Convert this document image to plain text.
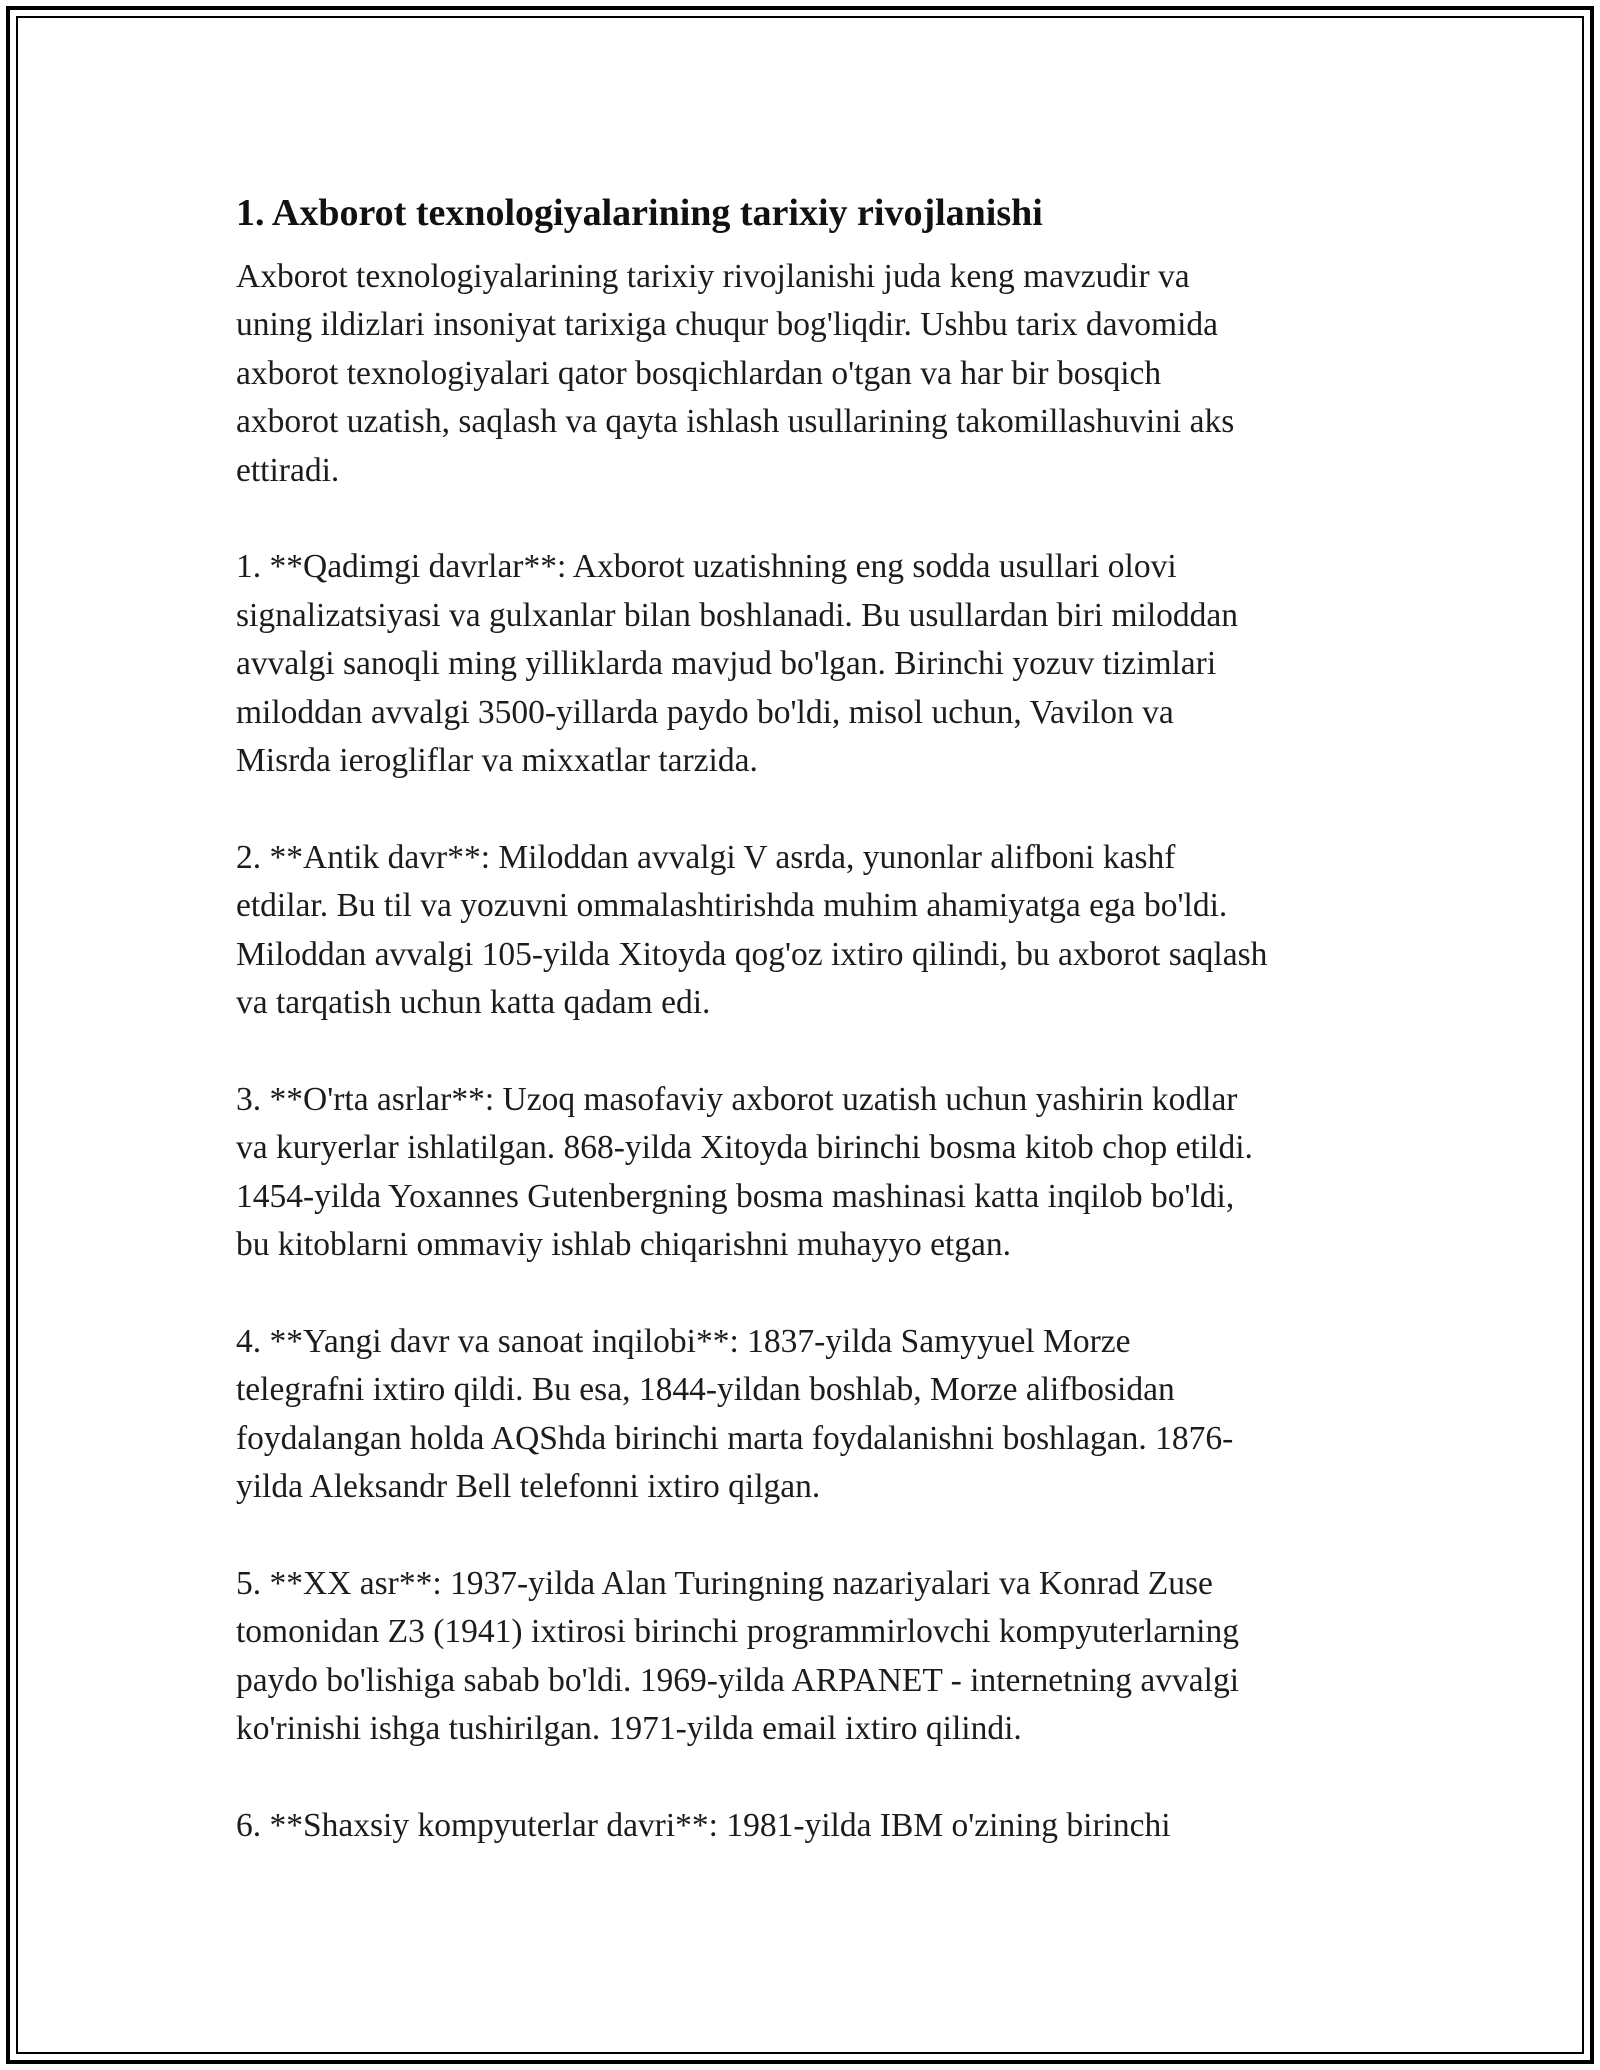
1. Axborot texnologiyalarining tarixiy rivojlanishi
Axborot texnologiyalarining tarixiy rivojlanishi juda keng mavzudir va
uning ildizlari insoniyat tarixiga chuqur bog'liqdir. Ushbu tarix davomida
axborot texnologiyalari qator bosqichlardan o'tgan va har bir bosqich
axborot uzatish, saqlash va qayta ishlash usullarining takomillashuvini aks
ettiradi.
1. **Qadimgi davrlar**: Axborot uzatishning eng sodda usullari olovi
signalizatsiyasi va gulxanlar bilan boshlanadi. Bu usullardan biri miloddan
avvalgi sanoqli ming yilliklarda mavjud bo'lgan. Birinchi yozuv tizimlari
miloddan avvalgi 3500-yillarda paydo bo'ldi, misol uchun, Vavilon va
Misrda ierogliflar va mixxatlar tarzida.
2. **Antik davr**: Miloddan avvalgi V asrda, yunonlar alifboni kashf
etdilar. Bu til va yozuvni ommalashtirishda muhim ahamiyatga ega bo'ldi.
Miloddan avvalgi 105-yilda Xitoyda qog'oz ixtiro qilindi, bu axborot saqlash
va tarqatish uchun katta qadam edi.
3. **O'rta asrlar**: Uzoq masofaviy axborot uzatish uchun yashirin kodlar
va kuryerlar ishlatilgan. 868-yilda Xitoyda birinchi bosma kitob chop etildi.
1454-yilda Yoxannes Gutenbergning bosma mashinasi katta inqilob bo'ldi,
bu kitoblarni ommaviy ishlab chiqarishni muhayyo etgan.
4. **Yangi davr va sanoat inqilobi**: 1837-yilda Samyyuel Morze
telegrafni ixtiro qildi. Bu esa, 1844-yildan boshlab, Morze alifbosidan
foydalangan holda AQShda birinchi marta foydalanishni boshlagan. 1876-
yilda Aleksandr Bell telefonni ixtiro qilgan.
5. **XX asr**: 1937-yilda Alan Turingning nazariyalari va Konrad Zuse
tomonidan Z3 (1941) ixtirosi birinchi programmirlovchi kompyuterlarning
paydo bo'lishiga sabab bo'ldi. 1969-yilda ARPANET - internetning avvalgi
ko'rinishi ishga tushirilgan. 1971-yilda email ixtiro qilindi.
6. **Shaxsiy kompyuterlar davri**: 1981-yilda IBM o'zining birinchi
